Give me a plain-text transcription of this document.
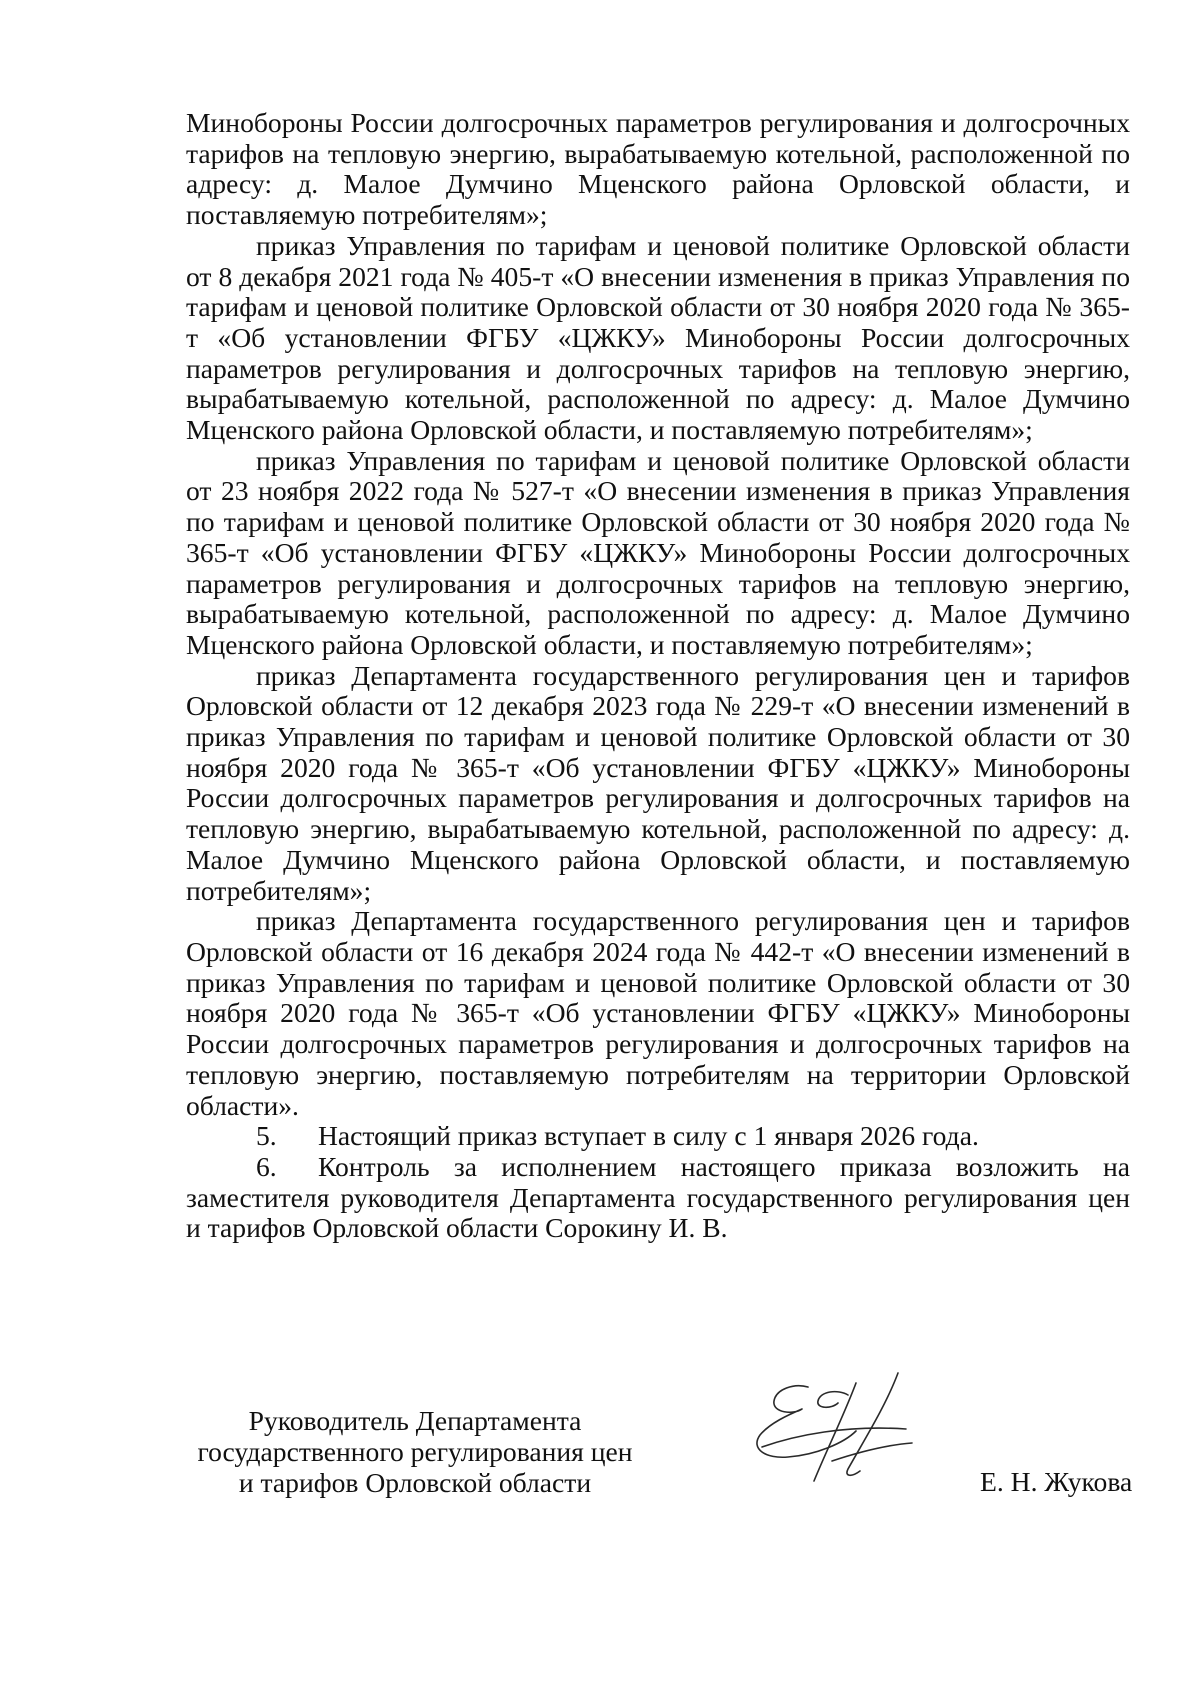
Минобороны России долгосрочных параметров регулирования и долгосрочных тарифов на тепловую энергию, вырабатываемую котельной, расположенной по адресу: д. Малое Думчино Мценского района Орловской области, и поставляемую потребителям»;

приказ Управления по тарифам и ценовой политике Орловской области от 8 декабря 2021 года № 405-т «О внесении изменения в приказ Управления по тарифам и ценовой политике Орловской области от 30 ноября 2020 года № 365-т «Об установлении ФГБУ «ЦЖКУ» Минобороны России долгосрочных параметров регулирования и долгосрочных тарифов на тепловую энергию, вырабатываемую котельной, расположенной по адресу: д. Малое Думчино Мценского района Орловской области, и поставляемую потребителям»;

приказ Управления по тарифам и ценовой политике Орловской области от 23 ноября 2022 года № 527-т «О внесении изменения в приказ Управления по тарифам и ценовой политике Орловской области от 30 ноября 2020 года № 365-т «Об установлении ФГБУ «ЦЖКУ» Минобороны России долгосрочных параметров регулирования и долгосрочных тарифов на тепловую энергию, вырабатываемую котельной, расположенной по адресу: д. Малое Думчино Мценского района Орловской области, и поставляемую потребителям»;

приказ Департамента государственного регулирования цен и тарифов Орловской области от 12 декабря 2023 года № 229-т «О внесении изменений в приказ Управления по тарифам и ценовой политике Орловской области от 30 ноября 2020 года № 365-т «Об установлении ФГБУ «ЦЖКУ» Минобороны России долгосрочных параметров регулирования и долгосрочных тарифов на тепловую энергию, вырабатываемую котельной, расположенной по адресу: д. Малое Думчино Мценского района Орловской области, и поставляемую потребителям»;

приказ Департамента государственного регулирования цен и тарифов Орловской области от 16 декабря 2024 года № 442-т «О внесении изменений в приказ Управления по тарифам и ценовой политике Орловской области от 30 ноября 2020 года № 365-т «Об установлении ФГБУ «ЦЖКУ» Минобороны России долгосрочных параметров регулирования и долгосрочных тарифов на тепловую энергию, поставляемую потребителям на территории Орловской области».

5. Настоящий приказ вступает в силу с 1 января 2026 года.

6. Контроль за исполнением настоящего приказа возложить на заместителя руководителя Департамента государственного регулирования цен и тарифов Орловской области Сорокину И. В.

Руководитель Департамента

государственного регулирования цен

и тарифов Орловской области	Е. Н. Жукова
